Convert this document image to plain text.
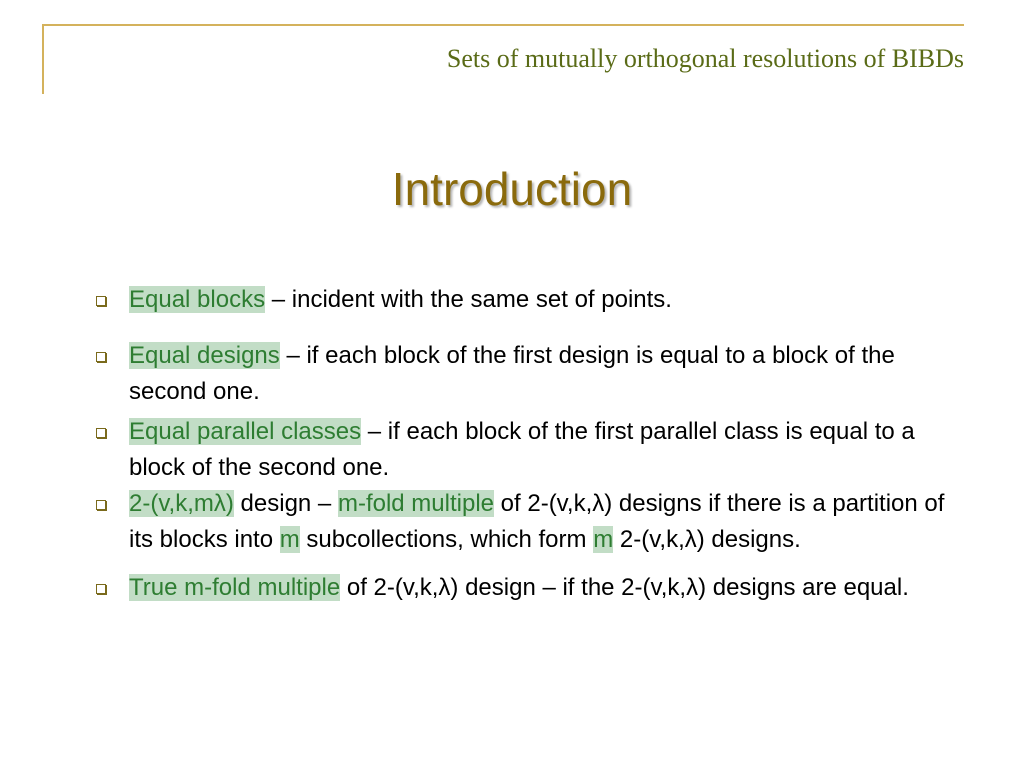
Sets of mutually orthogonal resolutions of BIBDs
Introduction
Equal blocks – incident with the same set of points.
Equal designs – if each block of the first design is equal to a block of the second one.
Equal parallel classes – if each block of the first parallel class is equal to a block of the second one.
2-(v,k,mλ) design – m-fold multiple of 2-(v,k,λ) designs if there is a partition of its blocks into m subcollections, which form m 2-(v,k,λ) designs.
True m-fold multiple of 2-(v,k,λ) design – if the 2-(v,k,λ) designs are equal.
